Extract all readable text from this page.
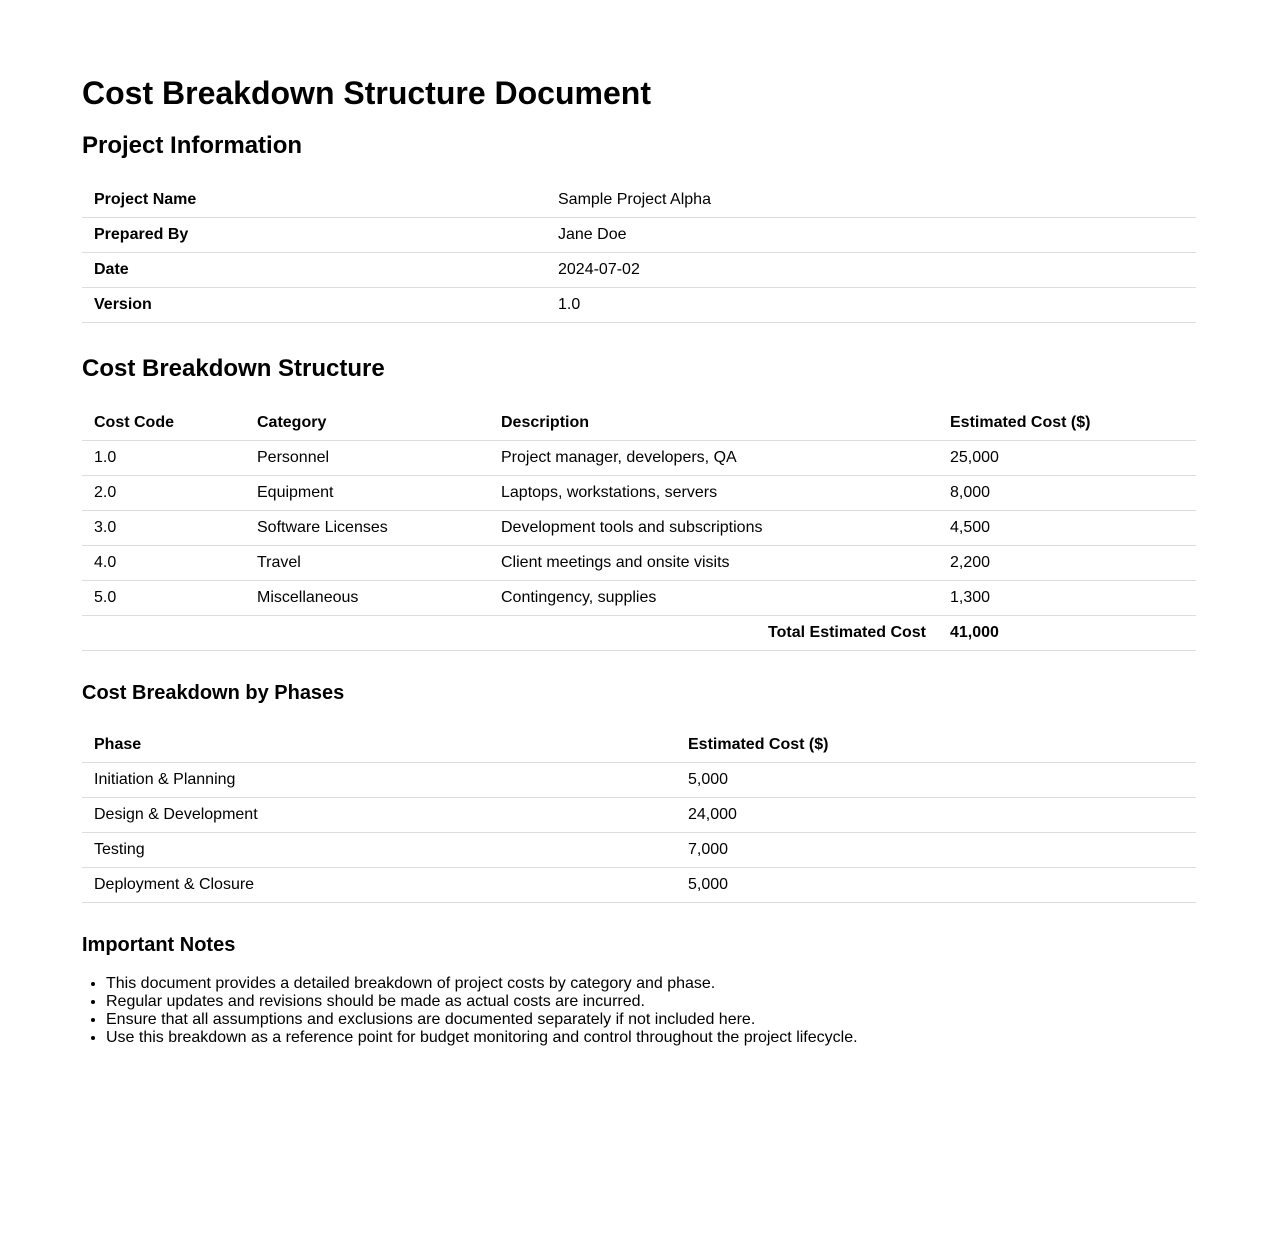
Cost Breakdown Structure Document
Project Information
Project Name	Sample Project Alpha
Prepared By	Jane Doe
Date	2024-07-02
Version	1.0
Cost Breakdown Structure
Cost Code	Category	Description	Estimated Cost ($)
1.0	Personnel	Project manager, developers, QA	25,000
2.0	Equipment	Laptops, workstations, servers	8,000
3.0	Software Licenses	Development tools and subscriptions	4,500
4.0	Travel	Client meetings and onsite visits	2,200
5.0	Miscellaneous	Contingency, supplies	1,300
Total Estimated Cost			41,000
Cost Breakdown by Phases
Phase	Estimated Cost ($)
Initiation & Planning	5,000
Design & Development	24,000
Testing	7,000
Deployment & Closure	5,000
Important Notes
• This document provides a detailed breakdown of project costs by category and phase.
• Regular updates and revisions should be made as actual costs are incurred.
• Ensure that all assumptions and exclusions are documented separately if not included here.
• Use this breakdown as a reference point for budget monitoring and control throughout the project lifecycle.
